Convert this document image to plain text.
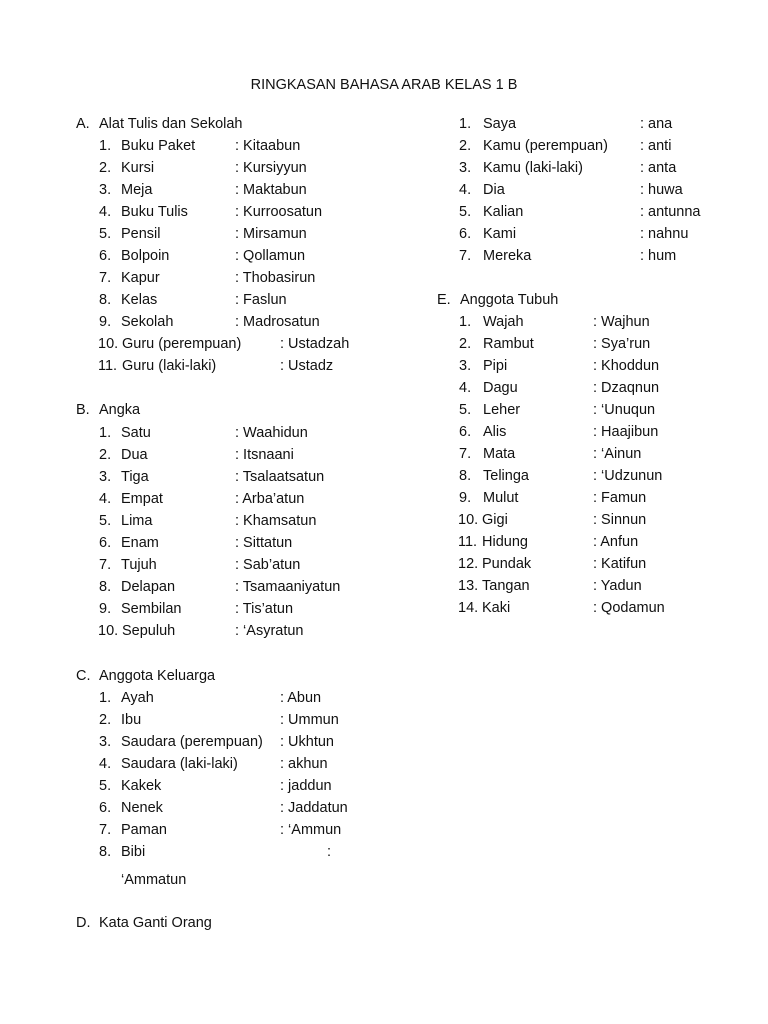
RINGKASAN BAHASA ARAB KELAS 1 B
A. Alat Tulis dan Sekolah
1. Buku Paket	: Kitaabun
2. Kursi	: Kursiyyun
3. Meja	: Maktabun
4. Buku Tulis	: Kurroosatun
5. Pensil	: Mirsamun
6. Bolpoin	: Qollamun
7. Kapur	: Thobasirun
8. Kelas	: Faslun
9. Sekolah	: Madrosatun
10. Guru (perempuan)	: Ustadzah
11. Guru (laki-laki)	: Ustadz
B. Angka
1. Satu	: Waahidun
2. Dua	: Itsnaani
3. Tiga	: Tsalaatsatun
4. Empat	: Arba’atun
5. Lima	: Khamsatun
6. Enam	: Sittatun
7. Tujuh	: Sab’atun
8. Delapan	: Tsamaaniyatun
9. Sembilan	: Tis’atun
10. Sepuluh	: ‘Asyratun
C. Anggota Keluarga
1. Ayah	: Abun
2. Ibu	: Ummun
3. Saudara (perempuan) : Ukhtun
4. Saudara (laki-laki)	: akhun
5. Kakek	: jaddun
6. Nenek	: Jaddatun
7. Paman	: ‘Ammun
8. Bibi	:
‘Ammatun
D. Kata Ganti Orang
1. Saya	: ana
2. Kamu (perempuan) : anti
3. Kamu (laki-laki)	: anta
4. Dia	: huwa
5. Kalian	: antunna
6. Kami	: nahnu
7. Mereka	: hum
E. Anggota Tubuh
1. Wajah	: Wajhun
2. Rambut	: Sya’run
3. Pipi	: Khoddun
4. Dagu	: Dzaqnun
5. Leher	: ‘Unuqun
6. Alis	: Haajibun
7. Mata	: ‘Ainun
8. Telinga	: ‘Udzunun
9. Mulut	: Famun
10. Gigi	: Sinnun
11. Hidung	: Anfun
12. Pundak	: Katifun
13. Tangan	: Yadun
14. Kaki	: Qodamun
